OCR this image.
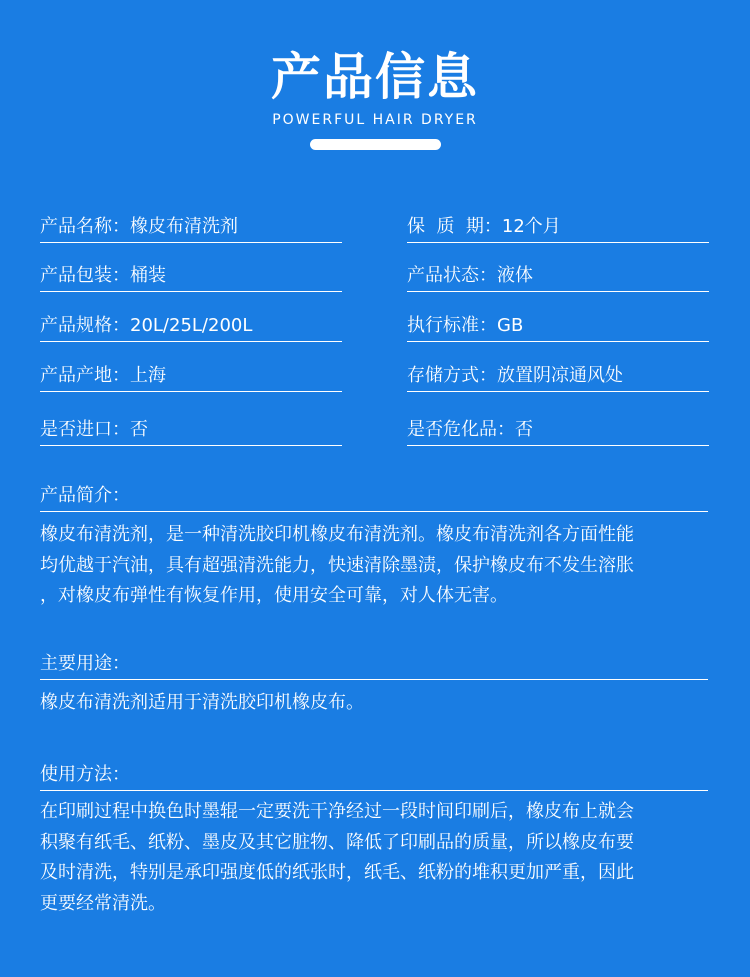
产品信息
POWERFUL HAIR DRYER
产品名称：橡皮布清洗剂
产品包装：桶装
产品规格：20L/25L/200L
产品产地：上海
是否进口：否
保  质  期：12个月
产品状态：液体
执行标准：GB
存储方式：放置阴凉通风处
是否危化品：否
产品简介：

橡皮布清洗剂，是一种清洗胶印机橡皮布清洗剂。橡皮布清洗剂各方面性能

均优越于汽油，具有超强清洗能力，快速清除墨渍，保护橡皮布不发生溶胀

，对橡皮布弹性有恢复作用，使用安全可靠，对人体无害。

主要用途：

橡皮布清洗剂适用于清洗胶印机橡皮布。

使用方法：

在印刷过程中换色时墨辊一定要洗干净经过一段时间印刷后，橡皮布上就会

积聚有纸毛、纸粉、墨皮及其它脏物、降低了印刷品的质量，所以橡皮布要

及时清洗，特别是承印强度低的纸张时，纸毛、纸粉的堆积更加严重，因此

更要经常清洗。
